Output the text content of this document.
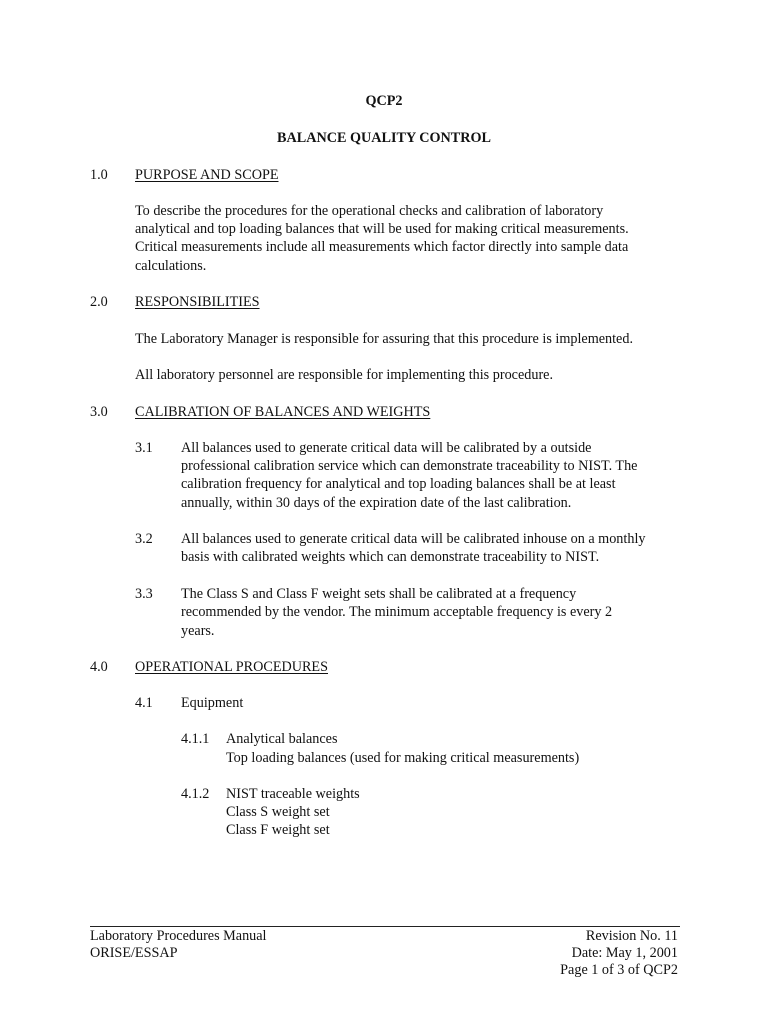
QCP2

BALANCE QUALITY CONTROL

1.0 PURPOSE AND SCOPE

To describe the procedures for the operational checks and calibration of laboratory

analytical and top loading balances that will be used for making critical measurements.

Critical measurements include all measurements which factor directly into sample data

calculations.

2.0 RESPONSIBILITIES

The Laboratory Manager is responsible for assuring that this procedure is implemented.

All laboratory personnel are responsible for implementing this procedure.

3.0 CALIBRATION OF BALANCES AND WEIGHTS

3.1 All balances used to generate critical data will be calibrated by a outside

professional calibration service which can demonstrate traceability to NIST. The

calibration frequency for analytical and top loading balances shall be at least

annually, within 30 days of the expiration date of the last calibration.

3.2 All balances used to generate critical data will be calibrated inhouse on a monthly

basis with calibrated weights which can demonstrate traceability to NIST.

3.3 The Class S and Class F weight sets shall be calibrated at a frequency

recommended by the vendor. The minimum acceptable frequency is every 2

years.

4.0 OPERATIONAL PROCEDURES

4.1 Equipment

4.1.1 Analytical balances

Top loading balances (used for making critical measurements)

4.1.2 NIST traceable weights

Class S weight set

Class F weight set

Laboratory Procedures Manual

ORISE/ESSAP

Revision No. 11

Date: May 1, 2001

Page 1 of 3 of QCP2
